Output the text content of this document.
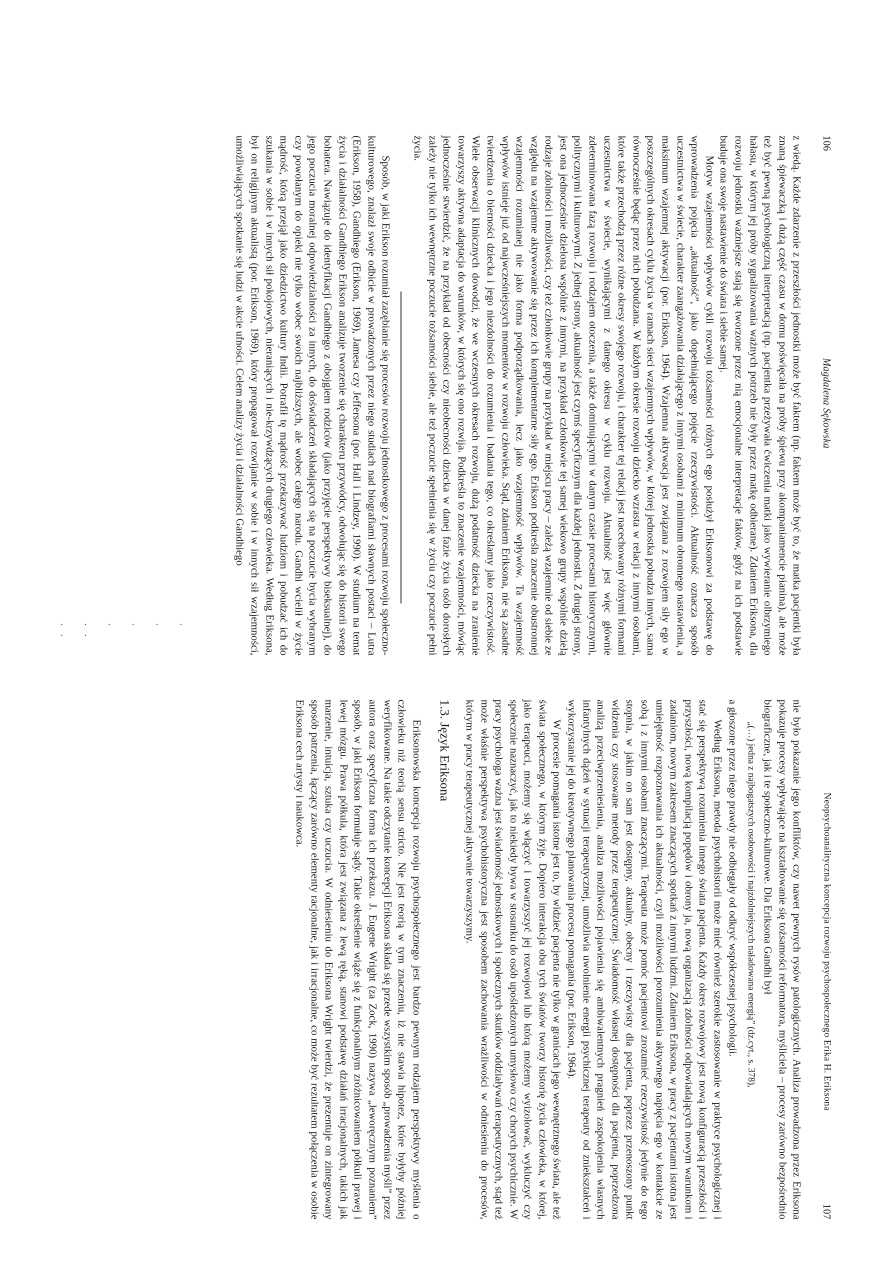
106
Magdalena Sękowska

z wiedą. Każde zdarzenie z przeszłości jednostki może być faktem (np. faktem może być to, że matka pacjentki była znaną śpiewaczką i dużą część czasu w domu poświęcała na próby śpiewu przy akompaniamencie pianina), ale może też być pewną psychologiczną interpretacją (np. pacjentka przeżywała ćwiczenia matki jako wywieranie olbrzymiego hałasu, w którym jej próby sygnalizowania ważnych potrzeb nie były przez matkę odbierane). Zdaniem Eriksona, dla rozwoju jednostki ważniejsze stają się tworzone przez nią emocjonalne interpretacje faktów, gdyż na ich podstawie buduje ona swoje nastawienie do świata i siebie samej.

Motyw wzajemności wpływów cykli rozwoju tożsamości różnych ego posłużył Eriksonowi za podstawę do wprowadzenia pojęcia „aktualność”, jako dopełniającego pojęcie rzeczywistości. Aktualność oznacza sposób uczestnictwa w świecie, charakter zaangażowania działającego z innymi osobami z minimum obronnego nastawienia, a maksimum wzajemnej aktywacji (por. Erikson, 1964). Wzajemna aktywacja jest związana z rozwojem siły ego w poszczególnych okresach cyklu życia w ramach sieci wzajemnych wpływów, w której jednostka pobudza innych, sama równocześnie będąc przez nich pobudzana. W każdym okresie rozwoju dziecko wzrasta w relacji z innymi osobami, które także przechodzą przez różne okresy swojego rozwoju, i charakter tej relacji jest nacechowany różnymi formami uczestnictwa w świecie, wynikającymi z danego okresu w cyklu rozwoju. Aktualność jest więc głównie zdeterminowana fazą rozwoju i rodzajem otoczenia, a także dominującymi w danym czasie procesami historycznymi, politycznymi i kulturowymi. Z jednej strony, aktualność jest czymś specyficznym dla każdej jednostki. Z drugiej strony, jest ona jednocześnie dzielona wspólnie z innymi, na przykład członkowie tej samej wiekowo grupy wspólnie dzielą rodzaje zdolności i możliwości, czy też członkowie grupy na przykład w miejscu pracy – zależą wzajemnie od siebie ze względu na wzajemne aktywowanie się przez ich komplementarne siły ego. Erikson podkreśla znaczenie obustronnej wzajemności rozumianej nie jako forma podporządkowania, lecz jako wzajemność wpływów. Ta wzajemność wpływów istnieje już od najwcześniejszych momentów w rozwoju człowieka. Stąd, zdaniem Eriksona, nie są zasadne twierdzenia o bierności dziecka i jego niezdolności do rozumienia i badania tego, co określamy jako rzeczywistość. Wiele obserwacji klinicznych dowodzi, że we wczesnych okresach rozwoju, dużą podatność dziecka na zranienie towarzyszy aktywna adaptacja do warunków, w których się ono rozwija. Podkreśla to znaczenie wzajemności, mówiąc jednocześnie stwierdzić, że na przykład od obecności czy nieobecności dziecka w danej fazie życia osób dorosłych zależy nie tylko ich wewnętrzne poczucie tożsamości siebie, ale też poczucie spełnienia się w życiu czy poczucie pełni życia.

Sposób, w jaki Erikson rozumiał zazębianie się procesów rozwoju jednostkowego z procesami rozwoju społeczno-kulturowego, znalazł swoje odbicie w prowadzonych przez niego studiach nad biografiami sławnych postaci – Lutra (Erikson, 1958), Gandhiego (Erikson, 1969), Jamesa czy Jeffersona (por. Hall i Lindzey, 1990). W studium na temat życia i działalności Gandhiego Erikson analizuje tworzenie się charakteru przywódcy, odwołując się do historii swego bohatera. Nawiązuje do identyfikacji Gandhiego z obojgiem rodziców (jako przyjęcie perspektywy biseksualnej), do jego poczucia moralnej odpowiedzialności za innych, do doświadczeń składających się na poczucie bycia wybranym czy powołanym do opieki nie tylko wobec swoich najbliższych, ale wobec całego narodu. Gandhi wcielił w życie mądrość, którą przejął jako dziedzictwo kultury Indii. Potrafił tę mądrość przekazywać ludziom i pobudzać ich do szukania w sobie i w innych sił pokojowych, nieraniących i nie-krzywdzących drugiego człowieka. Według Eriksona, był on religijnym aktualistą (por. Erikson, 1969), który propagował rozwijanie w sobie i w innych sił wzajemności, umożliwiających spotkanie się ludzi w akcie ufności. Celem analizy życia i działalności Gandhiego

Neopsychoanalityczna koncepcja rozwoju psychospołecznego Erika H. Eriksona
107

nie było pokazanie jego konfliktów, czy nawet pewnych rysów patologicznych. Analiza prowadzona przez Eriksona pokazuje procesy wpływające na kształtowanie się tożsamości reformatora, myśliciela – procesy zarówno bezpośrednio biograficzne, jak i te społeczno-kulturowe. Dla Eriksona Gandhi był

„(…) jedna z najbogatszych osobowości i najzdolniejszych naładowana energią” (dz.cyt., s. 378),

a głoszone przez niego prawdy nie odbiegały od odkryć współczesnej psychologii.

Według Eriksona, metoda psychohistorii może mieć również szerokie zastosowanie w praktyce psychologicznej i stać się perspektywą rozumienia innego świata pacjenta. Każdy okres rozwojowy jest nową konfiguracją przeszłości i przyszłości, nową kompilacją popędów i obrony ja, nową organizacją zdolności odpowiadających nowym warunkom i zadaniom, nowym zakresem znaczących spotkań z innymi ludźmi. Zdaniem Eriksona, w pracy z pacjentami istotna jest umiejętność rozpoznawania ich aktualności, czyli możliwości porozumienia aktywnego napięcia ego w kontakcie ze sobą i z innymi osobami znaczącymi. Terapeuta może pomóc pacjentowi zrozumieć rzeczywistość jedynie do tego stopnia, w jakim on sam jest dostępny, aktualny, obecny i rzeczywisty dla pacjenta, poprzez przenoszony punkt widzenia czy stosowane metody przez terapeutycznej. Świadomość własnej dostępności dla pacjenta, poprzedzona analizą przeciwprzeniesienia, analiza możliwości pojawienia się ambiwalentnych pragnień zaspokojenia własnych infantylnych dążeń w sytuacji terapeutycznej, umożliwia uwolnienie energii psychicznej terapeuty od zniekształceń i wykorzystanie jej do kreatywnego planowania procesu pomagania (por. Erikson, 1964).

W procesie pomagania istotne jest to, by widzieć pacjenta nie tylko w granicach jego wewnętrznego świata, ale też świata społecznego, w którym żyje. Dopiero interakcja obu tych światów tworzy historię życia człowieka, w której, jako terapeuci, możemy się włączyć i towarzyszyć jej rozwojowi lub którą możemy wyizolować, wykluczyć czy społecznie naznaczyć, jak to niekiedy bywa w stosunku do osób upośledzonych umysłowo czy chorych psychicznie. W pracy psychologa ważna jest świadomość jednostkowych i społecznych skutków oddziaływań terapeutycznych, stąd też może właśnie perspektywa psychohistoryczna jest sposobem zachowania wrażliwości w odniesieniu do procesów, którym w pracy terapeutycznej aktywnie towarzyszymy.

1.3. Język Eriksona

Eriksonowska koncepcja rozwoju psychospołecznego jest bardzo pewnym rodzajem perspektywy myślenia o człowieku niż teorią sensu stricto. Nie jest teorią w tym znaczeniu, iż nie stawia hipotez, które byłyby później weryfikowane. Na takie odczytanie koncepcji Eriksona składa się przede wszystkim sposób „prowadzenia myśli” przez autora oraz specyficzna forma ich przekazu. J. Eugene Wright (za Zock, 1990) nazywa „leworęcznym poznaniem” sposób, w jaki Erikson formułuje sądy. Takie określenie wiąże się z funkcjonalnym zróżnicowaniem półkuli prawej i lewej mózgu. Prawa półkula, która jest związana z lewą ręką, stanowi podstawę działań irracjonalnych, takich jak marzenie, intuicja, sztuka czy uczucia. W odniesieniu do Eriksona Wright twierdzi, że prezentuje on zintegrowany sposób patrzenia, łączący zarówno elementy racjonalne, jak i irracjonalne, co może być rezultatem połączenia w osobie Eriksona cech artysty i naukowca.

· · · · · · · ·
